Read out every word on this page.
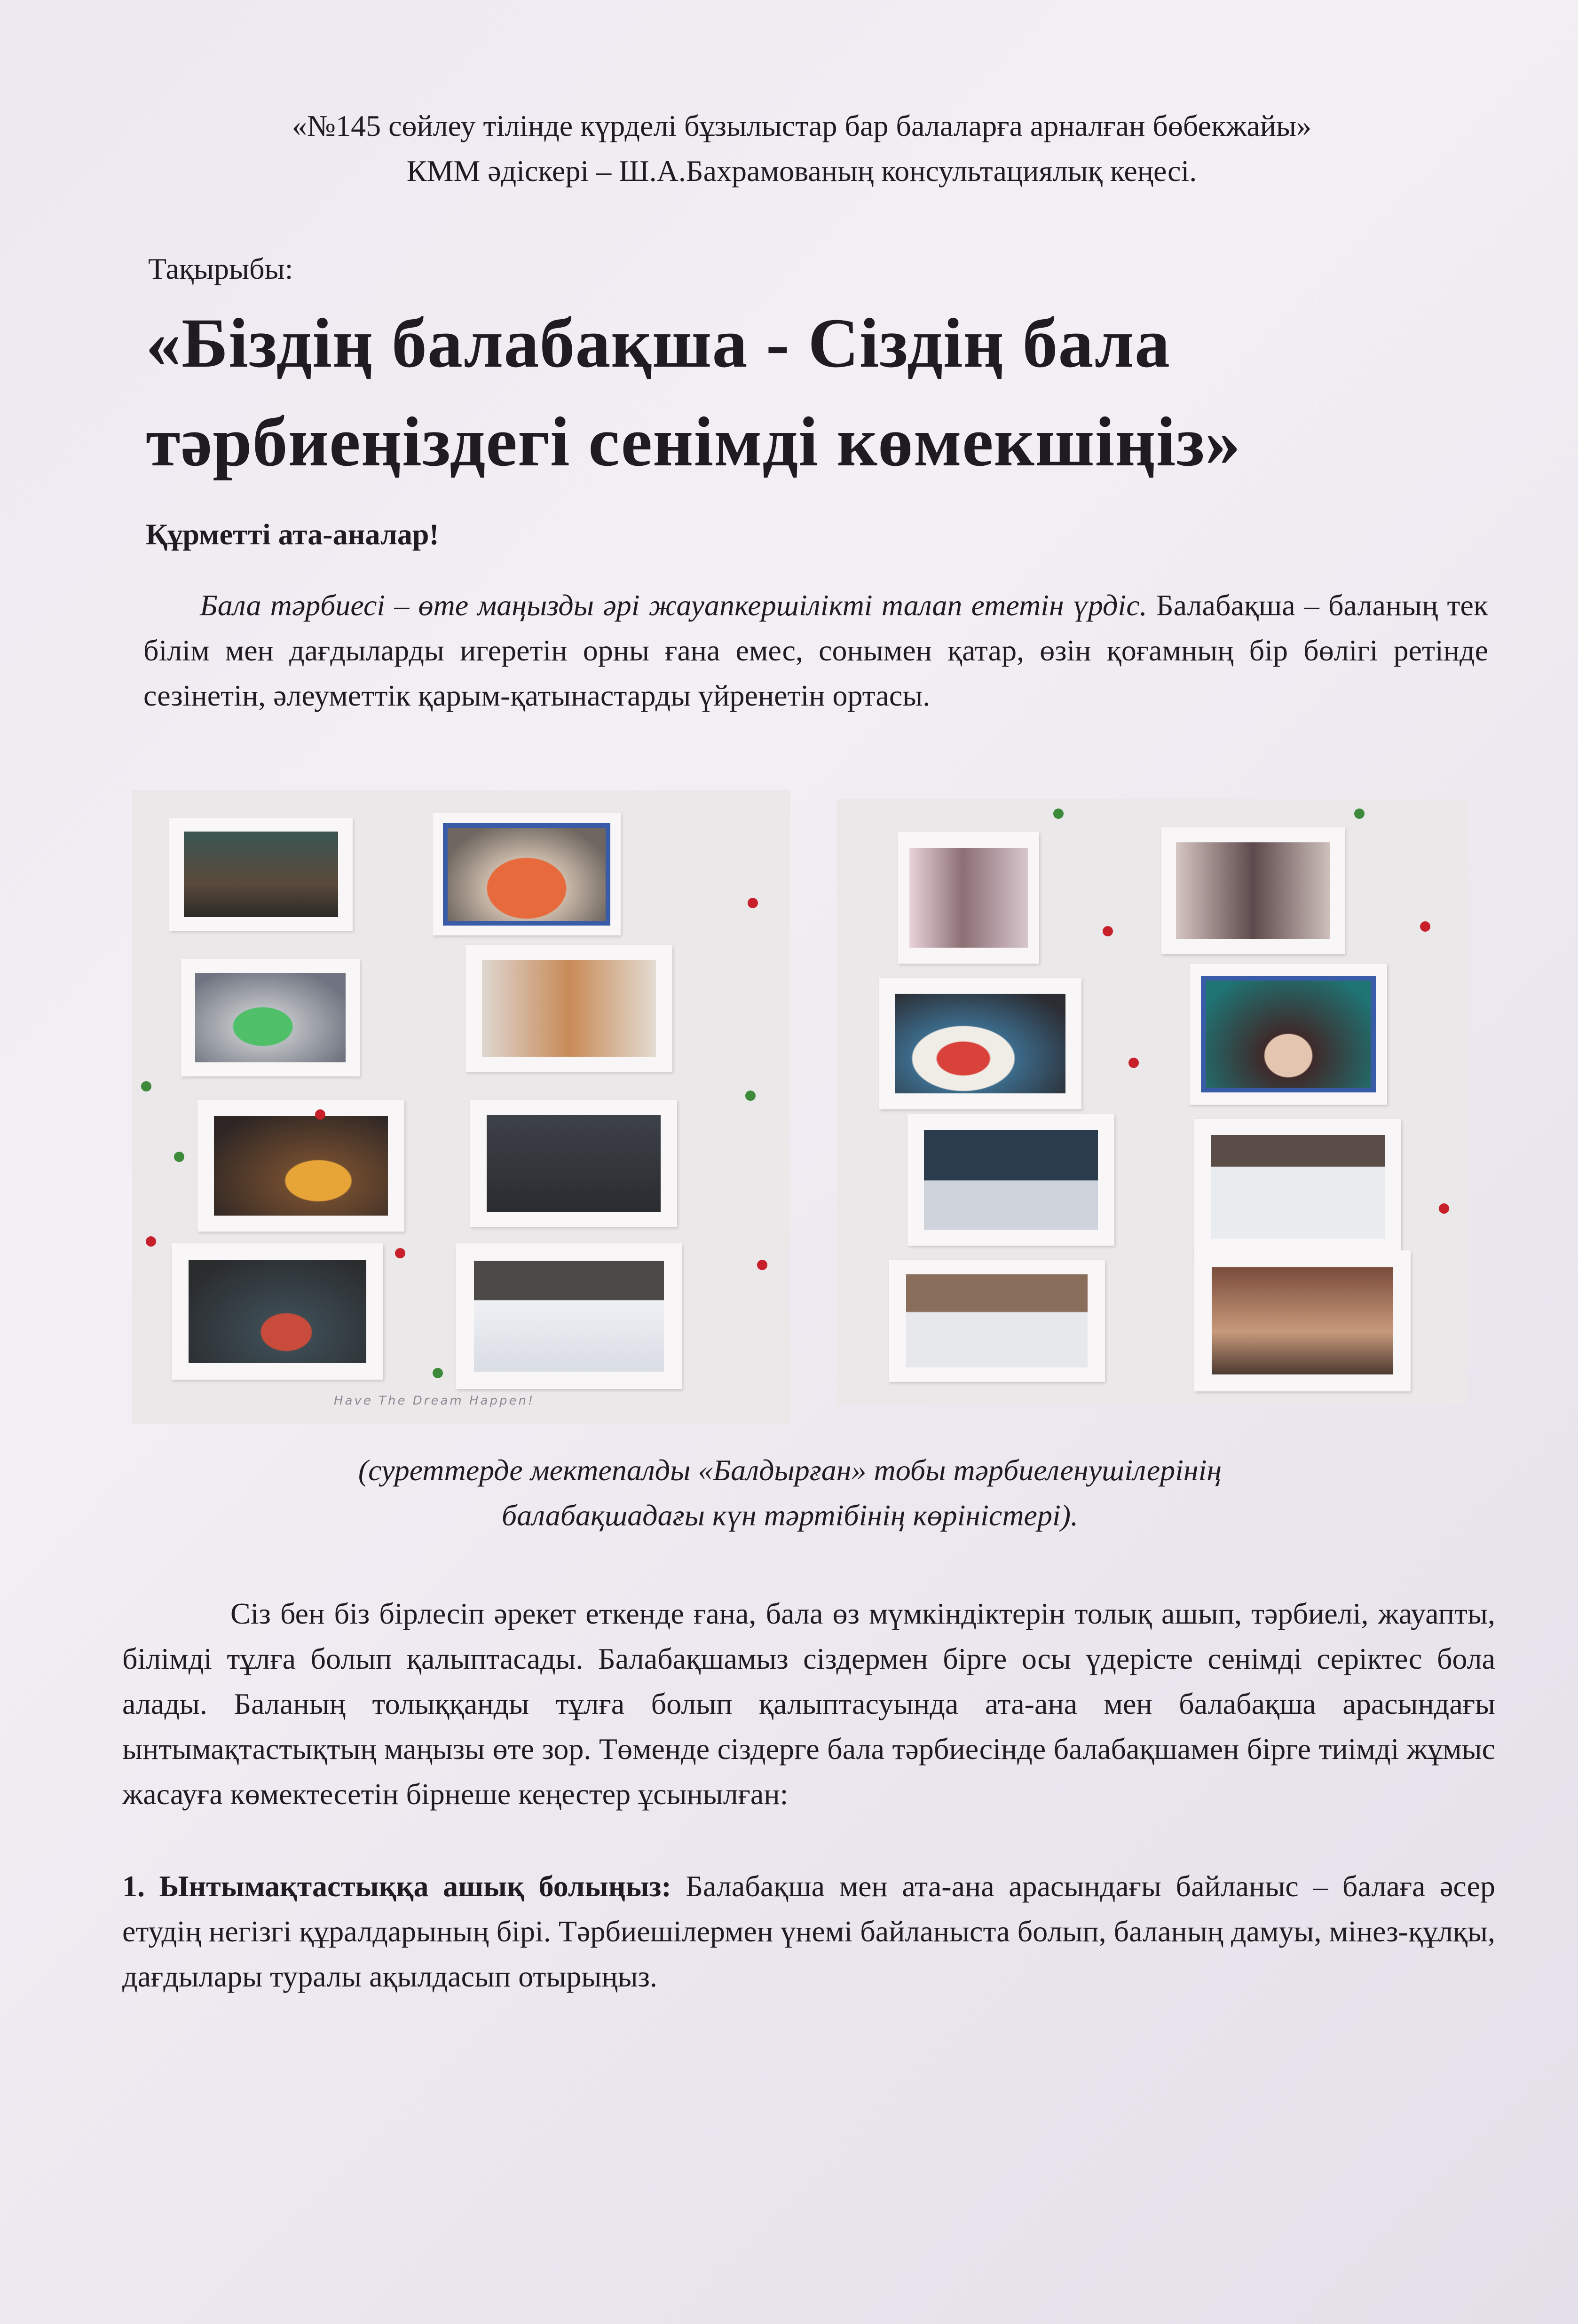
«№145 сөйлеу тілінде күрделі бұзылыстар бар балаларға арналған бөбекжайы»
КММ әдіскері – Ш.А.Бахрамованың консультациялық кеңесі.
Тақырыбы:
«Біздің балабақша - Сіздің бала
тәрбиеңіздегі сенімді көмекшіңіз»
Құрметті ата-аналар!
Бала тәрбиесі – өте маңызды әрі жауапкершілікті талап ететін үрдіс. Балабақша – баланың тек білім мен дағдыларды игеретін орны ғана емес, сонымен қатар, өзін қоғамның бір бөлігі ретінде сезінетін, әлеуметтік қарым-қатынастарды үйренетін ортасы.
Have The Dream Happen!
(суреттерде мектепалды «Балдырған» тобы тәрбиеленушілерінің
балабақшадағы күн тәртібінің көріністері).
Сіз бен біз бірлесіп әрекет еткенде ғана, бала өз мүмкіндіктерін толық ашып, тәрбиелі, жауапты, білімді тұлға болып қалыптасады. Балабақшамыз сіздермен бірге осы үдерісте сенімді серіктес бола алады. Баланың толыққанды тұлға болып қалыптасуында ата-ана мен балабақша арасындағы ынтымақтастықтың маңызы өте зор. Төменде сіздерге бала тәрбиесінде балабақшамен бірге тиімді жұмыс жасауға көмектесетін бірнеше кеңестер ұсынылған:
1. Ынтымақтастыққа ашық болыңыз: Балабақша мен ата-ана арасындағы байланыс – балаға әсер етудің негізгі құралдарының бірі. Тәрбиешілермен үнемі байланыста болып, баланың дамуы, мінез-құлқы, дағдылары туралы ақылдасып отырыңыз.
